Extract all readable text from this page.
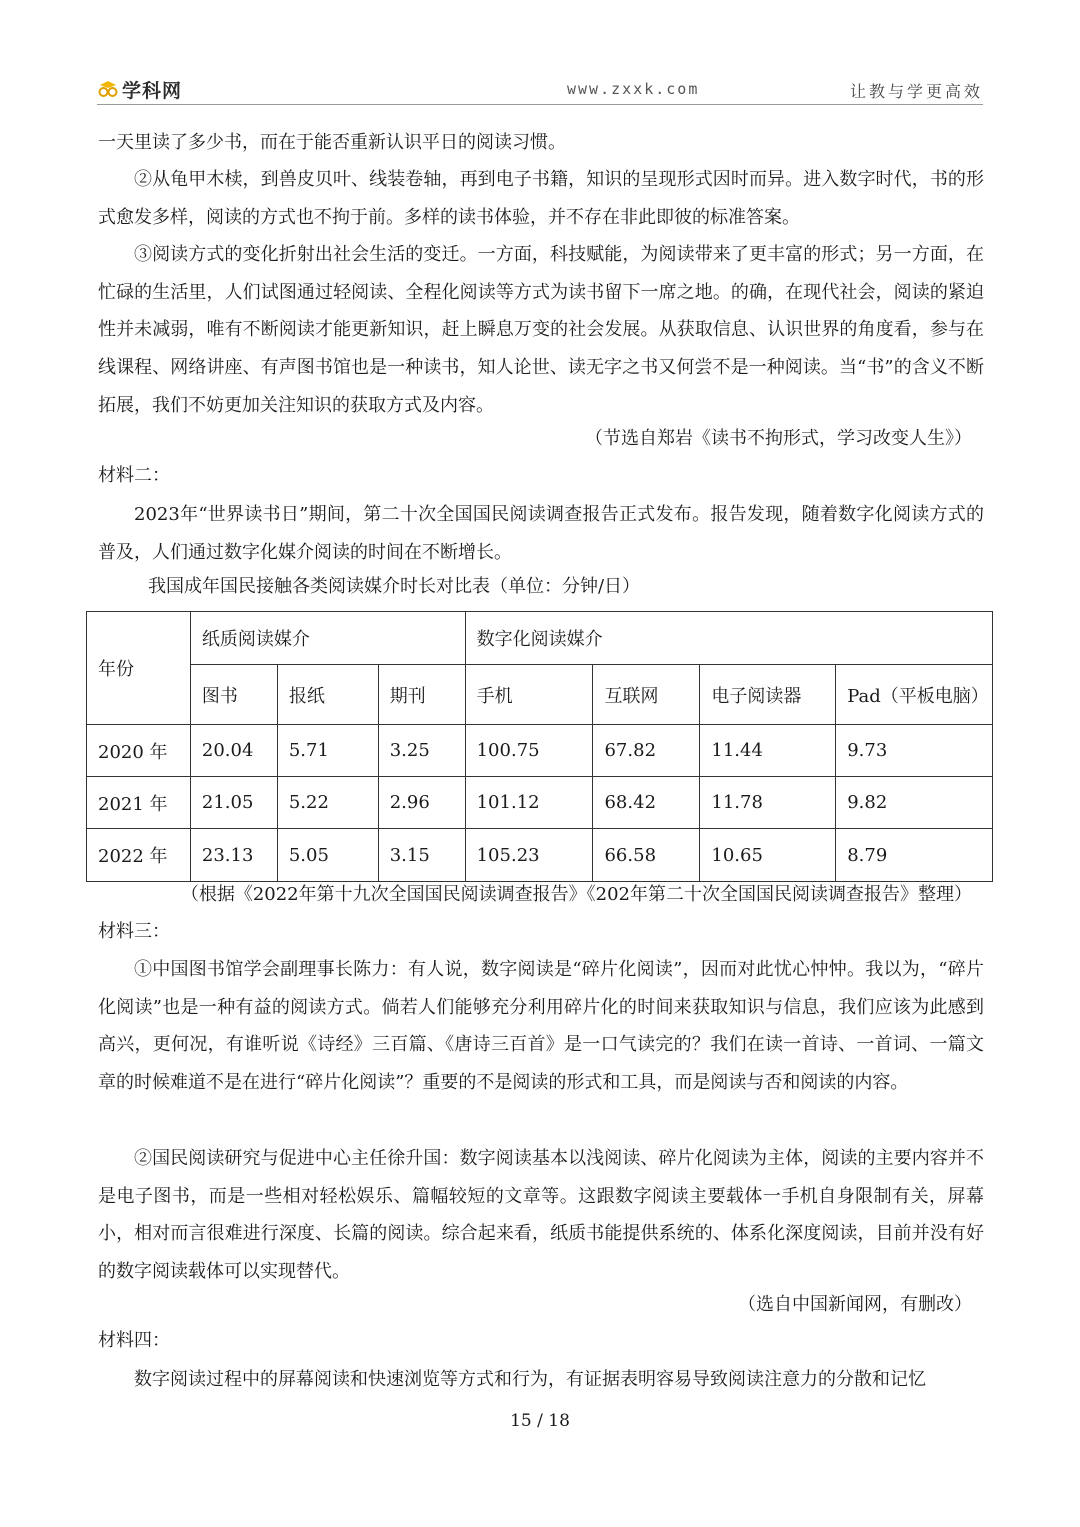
学科网	www.zxxk.com	让教与学更高效

一天里读了多少书，而在于能否重新认识平日的阅读习惯。

②从龟甲木椟，到兽皮贝叶、线装卷轴，再到电子书籍，知识的呈现形式因时而异。进入数字时代，书的形式愈发多样，阅读的方式也不拘于前。多样的读书体验，并不存在非此即彼的标准答案。

③阅读方式的变化折射出社会生活的变迁。一方面，科技赋能，为阅读带来了更丰富的形式；另一方面，在忙碌的生活里，人们试图通过轻阅读、全程化阅读等方式为读书留下一席之地。的确，在现代社会，阅读的紧迫性并未减弱，唯有不断阅读才能更新知识，赶上瞬息万变的社会发展。从获取信息、认识世界的角度看，参与在线课程、网络讲座、有声图书馆也是一种读书，知人论世、读无字之书又何尝不是一种阅读。当“书”的含义不断拓展，我们不妨更加关注知识的获取方式及内容。

（节选自郑岩《读书不拘形式，学习改变人生》）

材料二：

2023年“世界读书日”期间，第二十次全国国民阅读调查报告正式发布。报告发现，随着数字化阅读方式的普及，人们通过数字化媒介阅读的时间在不断增长。

我国成年国民接触各类阅读媒介时长对比表（单位：分钟/日）

年份	纸质阅读媒介			数字化阅读媒介			
	图书	报纸	期刊	手机	互联网	电子阅读器	Pad（平板电脑）
2020 年	20.04	5.71	3.25	100.75	67.82	11.44	9.73
2021 年	21.05	5.22	2.96	101.12	68.42	11.78	9.82
2022 年	23.13	5.05	3.15	105.23	66.58	10.65	8.79

（根据《2022年第十九次全国国民阅读调查报告》《202年第二十次全国国民阅读调查报告》整理）

材料三：

①中国图书馆学会副理事长陈力：有人说，数字阅读是“碎片化阅读”，因而对此忧心忡忡。我以为，“碎片化阅读”也是一种有益的阅读方式。倘若人们能够充分利用碎片化的时间来获取知识与信息，我们应该为此感到高兴，更何况，有谁听说《诗经》三百篇、《唐诗三百首》是一口气读完的？我们在读一首诗、一首词、一篇文章的时候难道不是在进行“碎片化阅读”？重要的不是阅读的形式和工具，而是阅读与否和阅读的内容。

②国民阅读研究与促进中心主任徐升国：数字阅读基本以浅阅读、碎片化阅读为主体，阅读的主要内容并不是电子图书，而是一些相对轻松娱乐、篇幅较短的文章等。这跟数字阅读主要载体一手机自身限制有关，屏幕小，相对而言很难进行深度、长篇的阅读。综合起来看，纸质书能提供系统的、体系化深度阅读，目前并没有好的数字阅读载体可以实现替代。

（选自中国新闻网，有删改）

材料四：

数字阅读过程中的屏幕阅读和快速浏览等方式和行为，有证据表明容易导致阅读注意力的分散和记忆

15 / 18
